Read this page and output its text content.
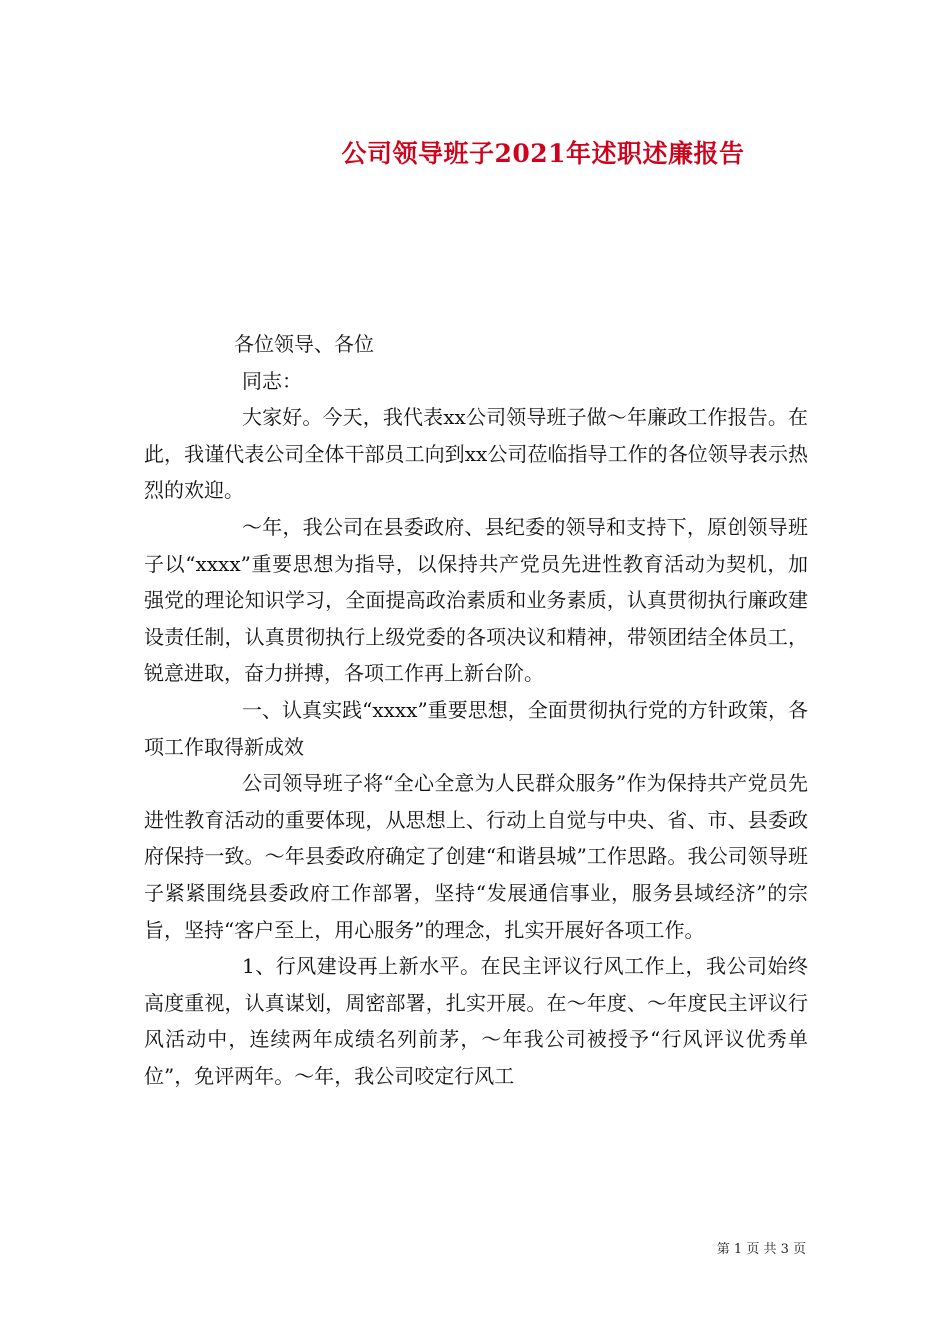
公司领导班子2021年述职述廉报告

各位领导、各位

同志：

大家好。今天，我代表xx公司领导班子做～年廉政工作报告。在此，我谨代表公司全体干部员工向到xx公司莅临指导工作的各位领导表示热烈的欢迎。

～年，我公司在县委政府、县纪委的领导和支持下，原创领导班子以“xxxx”重要思想为指导，以保持共产党员先进性教育活动为契机，加强党的理论知识学习，全面提高政治素质和业务素质，认真贯彻执行廉政建设责任制，认真贯彻执行上级党委的各项决议和精神，带领团结全体员工，锐意进取，奋力拼搏，各项工作再上新台阶。

一、认真实践“xxxx”重要思想，全面贯彻执行党的方针政策，各项工作取得新成效

公司领导班子将“全心全意为人民群众服务”作为保持共产党员先进性教育活动的重要体现，从思想上、行动上自觉与中央、省、市、县委政府保持一致。～年县委政府确定了创建“和谐县城”工作思路。我公司领导班子紧紧围绕县委政府工作部署，坚持“发展通信事业，服务县域经济”的宗旨，坚持“客户至上，用心服务”的理念，扎实开展好各项工作。

1、行风建设再上新水平。在民主评议行风工作上，我公司始终高度重视，认真谋划，周密部署，扎实开展。在～年度、～年度民主评议行风活动中，连续两年成绩名列前茅，～年我公司被授予“行风评议优秀单位”，免评两年。～年，我公司咬定行风工

第 1 页 共 3 页
